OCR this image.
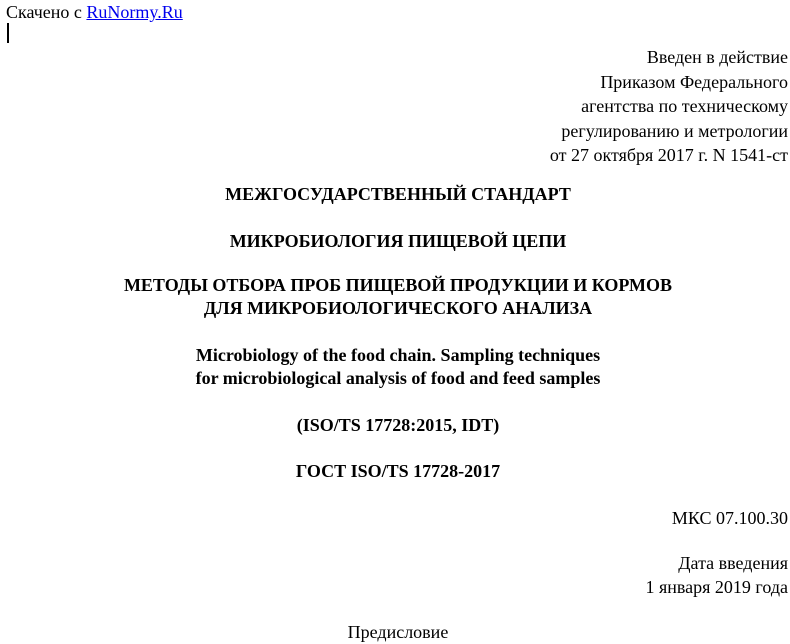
Скачено с RuNormy.Ru
Введен в действие
Приказом Федерального
агентства по техническому
регулированию и метрологии
от 27 октября 2017 г. N 1541-ст
МЕЖГОСУДАРСТВЕННЫЙ СТАНДАРТ
МИКРОБИОЛОГИЯ ПИЩЕВОЙ ЦЕПИ
МЕТОДЫ ОТБОРА ПРОБ ПИЩЕВОЙ ПРОДУКЦИИ И КОРМОВ
ДЛЯ МИКРОБИОЛОГИЧЕСКОГО АНАЛИЗА
Microbiology of the food chain. Sampling techniques
for microbiological analysis of food and feed samples
(ISO/TS 17728:2015, IDT)
ГОСТ ISO/TS 17728-2017
МКС 07.100.30
Дата введения
1 января 2019 года
Предисловие
